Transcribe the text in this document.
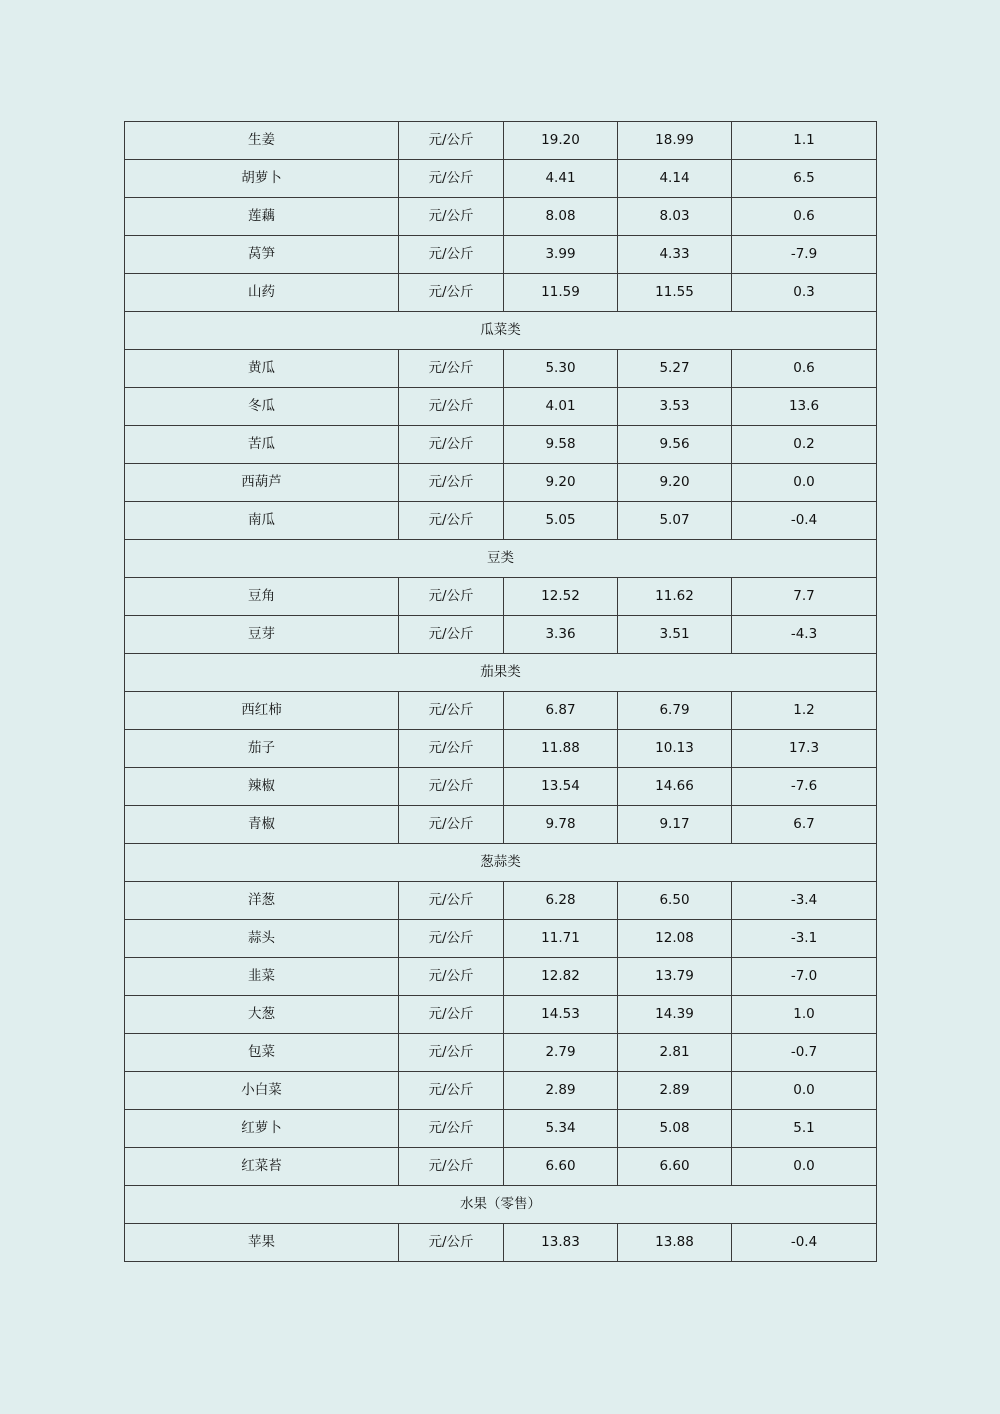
生姜	元/公斤	19.20	18.99	1.1
胡萝卜	元/公斤	4.41	4.14	6.5
莲藕	元/公斤	8.08	8.03	0.6
莴笋	元/公斤	3.99	4.33	-7.9
山药	元/公斤	11.59	11.55	0.3
瓜菜类				
黄瓜	元/公斤	5.30	5.27	0.6
冬瓜	元/公斤	4.01	3.53	13.6
苦瓜	元/公斤	9.58	9.56	0.2
西葫芦	元/公斤	9.20	9.20	0.0
南瓜	元/公斤	5.05	5.07	-0.4
豆类				
豆角	元/公斤	12.52	11.62	7.7
豆芽	元/公斤	3.36	3.51	-4.3
茄果类				
西红柿	元/公斤	6.87	6.79	1.2
茄子	元/公斤	11.88	10.13	17.3
辣椒	元/公斤	13.54	14.66	-7.6
青椒	元/公斤	9.78	9.17	6.7
葱蒜类				
洋葱	元/公斤	6.28	6.50	-3.4
蒜头	元/公斤	11.71	12.08	-3.1
韭菜	元/公斤	12.82	13.79	-7.0
大葱	元/公斤	14.53	14.39	1.0
包菜	元/公斤	2.79	2.81	-0.7
小白菜	元/公斤	2.89	2.89	0.0
红萝卜	元/公斤	5.34	5.08	5.1
红菜苔	元/公斤	6.60	6.60	0.0
水果（零售）				
苹果	元/公斤	13.83	13.88	-0.4
